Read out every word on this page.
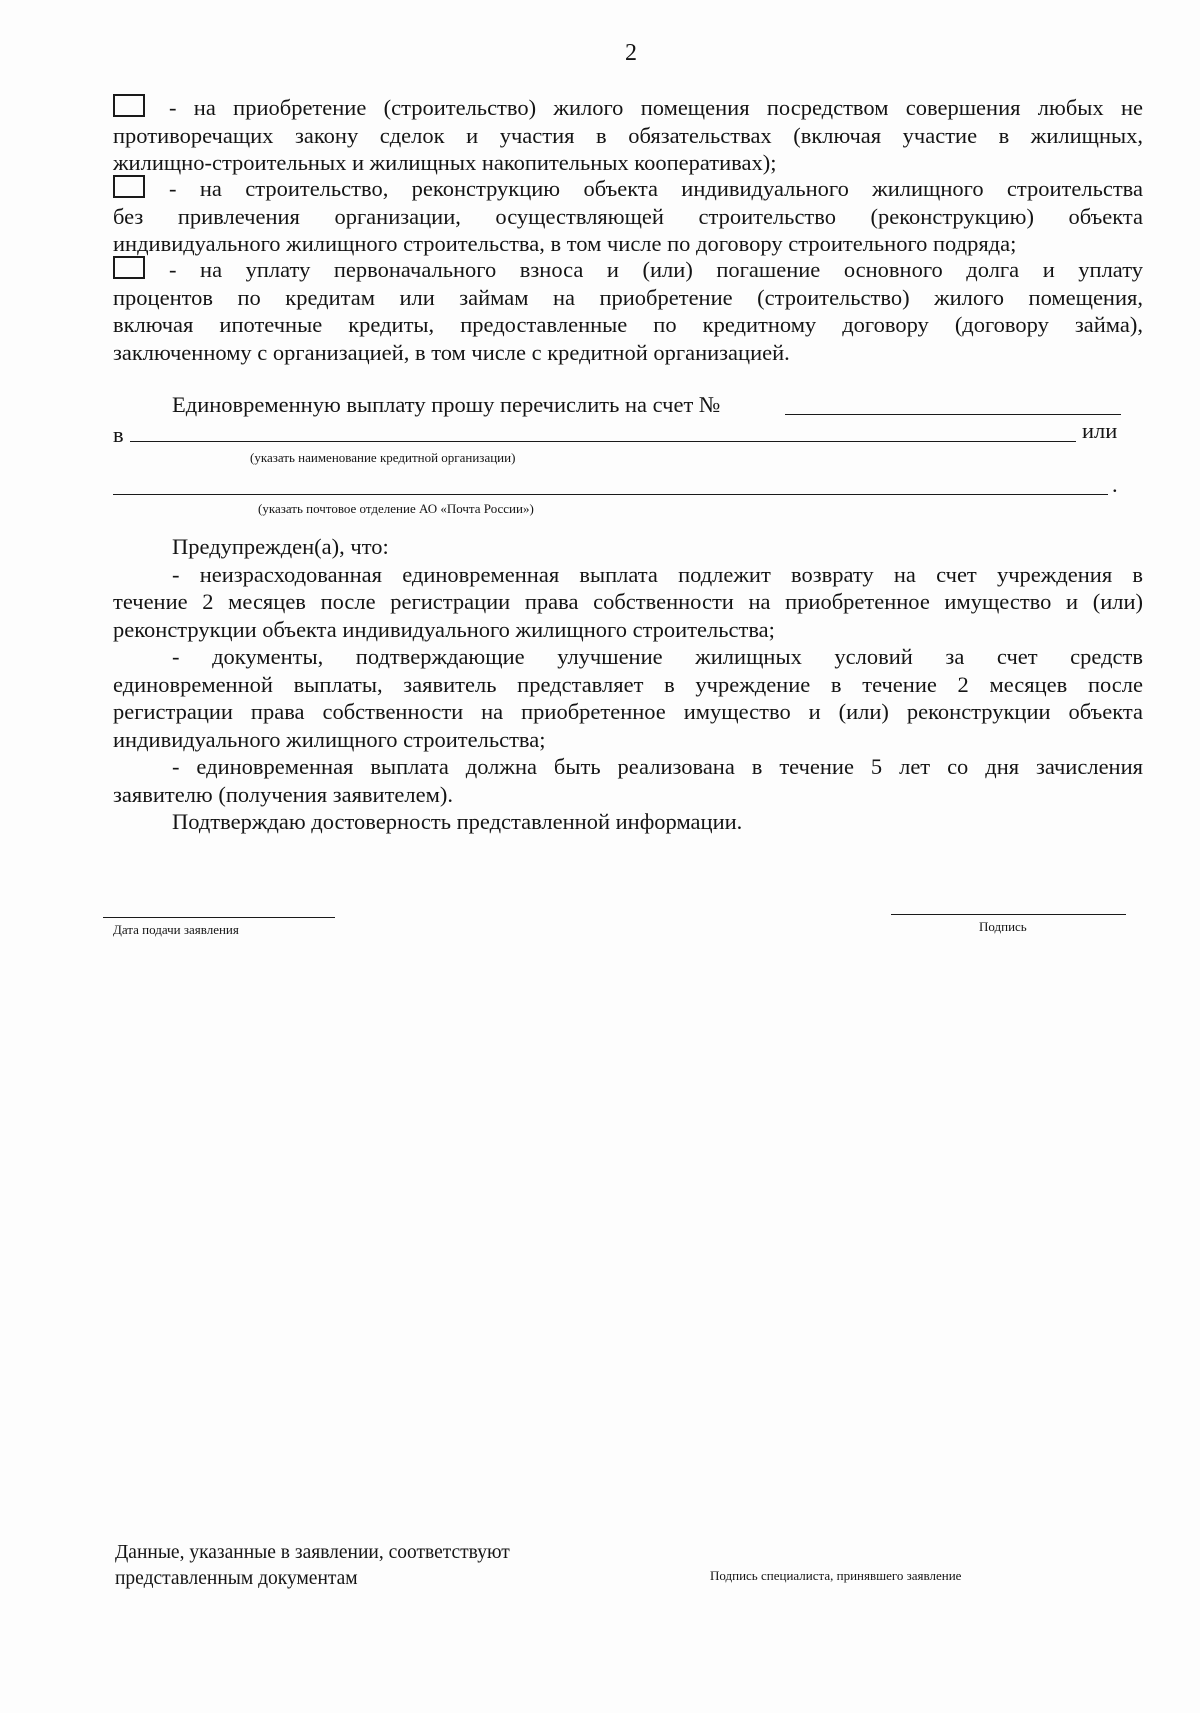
2
- на приобретение (строительство) жилого помещения посредством совершения любых не
противоречащих закону сделок и участия в обязательствах (включая участие в жилищных,
жилищно-строительных и жилищных накопительных кооперативах);
- на строительство, реконструкцию объекта индивидуального жилищного строительства
без привлечения организации, осуществляющей строительство (реконструкцию) объекта
индивидуального жилищного строительства, в том числе по договору строительного подряда;
- на уплату первоначального взноса и (или) погашение основного долга и уплату
процентов по кредитам или займам на приобретение (строительство) жилого помещения,
включая ипотечные кредиты, предоставленные по кредитному договору (договору займа),
заключенному с организацией, в том числе с кредитной организацией.
Единовременную выплату прошу перечислить на счет №
в	или
(указать наименование кредитной организации)
.
(указать почтовое отделение АО «Почта России»)
Предупрежден(а), что:
- неизрасходованная единовременная выплата подлежит возврату на счет учреждения в
течение 2 месяцев после регистрации права собственности на приобретенное имущество и (или)
реконструкции объекта индивидуального жилищного строительства;
- документы, подтверждающие улучшение жилищных условий за счет средств
единовременной выплаты, заявитель представляет в учреждение в течение 2 месяцев после
регистрации права собственности на приобретенное имущество и (или) реконструкции объекта
индивидуального жилищного строительства;
- единовременная выплата должна быть реализована в течение 5 лет со дня зачисления
заявителю (получения заявителем).
Подтверждаю достоверность представленной информации.
Дата подачи заявления	Подпись
Данные, указанные в заявлении, соответствуют
представленным документам	Подпись специалиста, принявшего заявление
